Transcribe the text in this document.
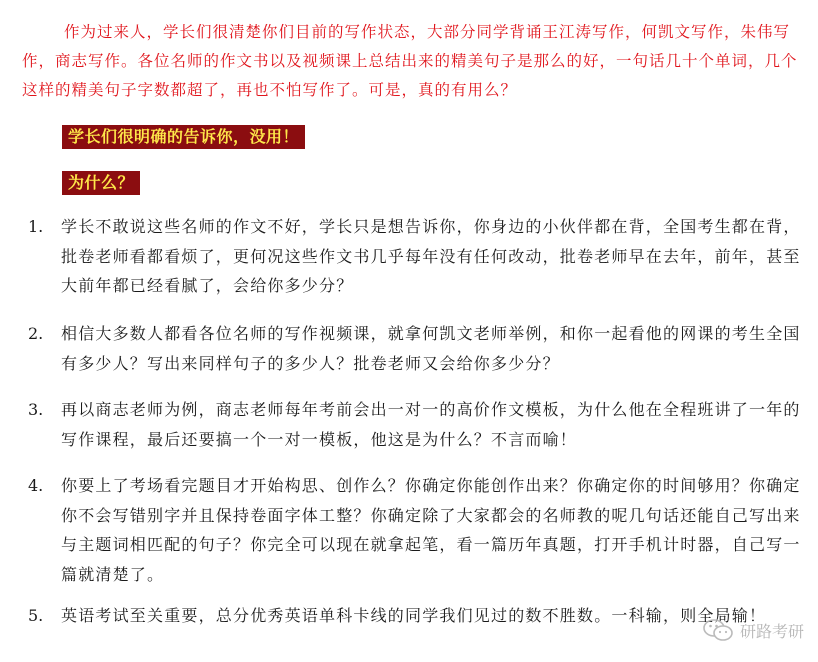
作为过来人，学长们很清楚你们目前的写作状态，大部分同学背诵王江涛写作，何凯文写作，朱伟写作，商志写作。各位名师的作文书以及视频课上总结出来的精美句子是那么的好，一句话几十个单词，几个这样的精美句子字数都超了，再也不怕写作了。可是，真的有用么？

学长们很明确的告诉你，没用！
为什么？
1. 学长不敢说这些名师的作文不好，学长只是想告诉你，你身边的小伙伴都在背，全国考生都在背，批卷老师看都看烦了，更何况这些作文书几乎每年没有任何改动，批卷老师早在去年，前年，甚至大前年都已经看腻了，会给你多少分？

2. 相信大多数人都看各位名师的写作视频课，就拿何凯文老师举例，和你一起看他的网课的考生全国有多少人？写出来同样句子的多少人？批卷老师又会给你多少分？

3. 再以商志老师为例，商志老师每年考前会出一对一的高价作文模板，为什么他在全程班讲了一年的写作课程，最后还要搞一个一对一模板，他这是为什么？不言而喻！

4. 你要上了考场看完题目才开始构思、创作么？你确定你能创作出来？你确定你的时间够用？你确定你不会写错别字并且保持卷面字体工整？你确定除了大家都会的名师教的呢几句话还能自己写出来与主题词相匹配的句子？你完全可以现在就拿起笔，看一篇历年真题，打开手机计时器，自己写一篇就清楚了。

5. 英语考试至关重要，总分优秀英语单科卡线的同学我们见过的数不胜数。一科输，则全局输！

研路考研
